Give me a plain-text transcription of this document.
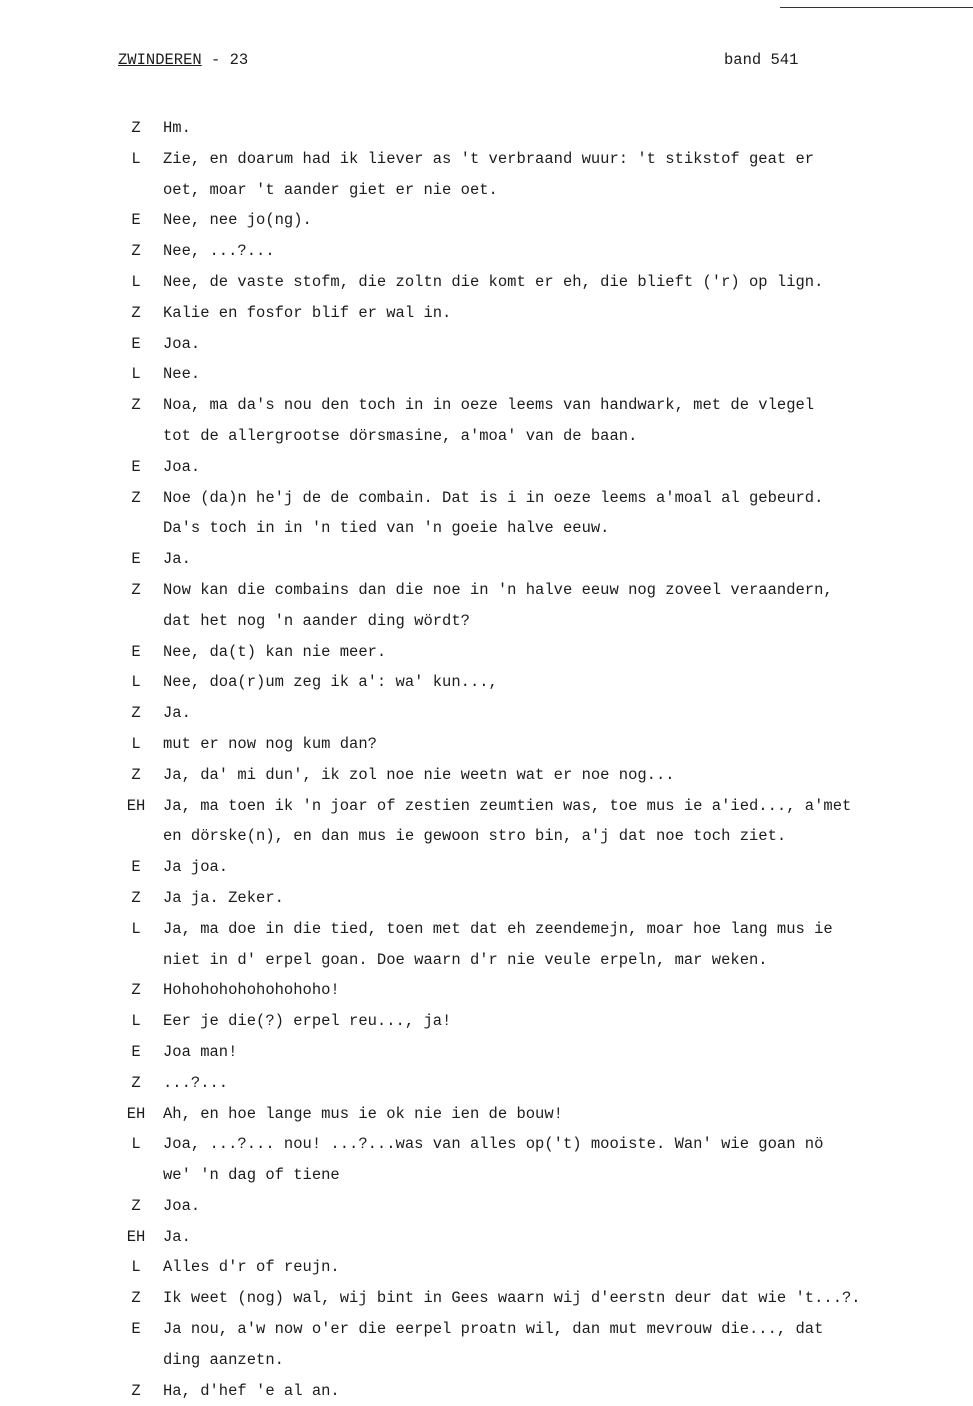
ZWINDEREN - 23	band 541
Z	Hm.
L	Zie, en doarum had ik liever as 't verbraand wuur: 't stikstof geat er
oet, moar 't aander giet er nie oet.
E	Nee, nee jo(ng).
Z	Nee, ...?...
L	Nee, de vaste stofm, die zoltn die komt er eh, die blieft ('r) op lign.
Z	Kalie en fosfor blif er wal in.
E	Joa.
L	Nee.
Z	Noa, ma da's nou den toch in in oeze leems van handwark, met de vlegel
tot de allergrootse dörsmasine, a'moa' van de baan.
E	Joa.
Z	Noe (da)n he'j de de combain. Dat is i in oeze leems a'moal al gebeurd.
Da's toch in in 'n tied van 'n goeie halve eeuw.
E	Ja.
Z	Now kan die combains dan die noe in 'n halve eeuw nog zoveel veraandern,
dat het nog 'n aander ding wördt?
E	Nee, da(t) kan nie meer.
L	Nee, doa(r)um zeg ik a': wa' kun...,
Z	Ja.
L	mut er now nog kum dan?
Z	Ja, da' mi dun', ik zol noe nie weetn wat er noe nog...
EH	Ja, ma toen ik 'n joar of zestien zeumtien was, toe mus ie a'ied..., a'met
en dörske(n), en dan mus ie gewoon stro bin, a'j dat noe toch ziet.
E	Ja joa.
Z	Ja ja. Zeker.
L	Ja, ma doe in die tied, toen met dat eh zeendemejn, moar hoe lang mus ie
niet in d' erpel goan. Doe waarn d'r nie veule erpeln, mar weken.
Z	Hohohohohohohohoho!
L	Eer je die(?) erpel reu..., ja!
E	Joa man!
Z	...?...
EH	Ah, en hoe lange mus ie ok nie ien de bouw!
L	Joa, ...?... nou! ...?...was van alles op('t) mooiste. Wan' wie goan nö
we' 'n dag of tiene
Z	Joa.
EH	Ja.
L	Alles d'r of reujn.
Z	Ik weet (nog) wal, wij bint in Gees waarn wij d'eerstn deur dat wie 't...?.
E	Ja nou, a'w now o'er die eerpel proatn wil, dan mut mevrouw die..., dat
ding aanzetn.
Z	Ha, d'hef 'e al an.
